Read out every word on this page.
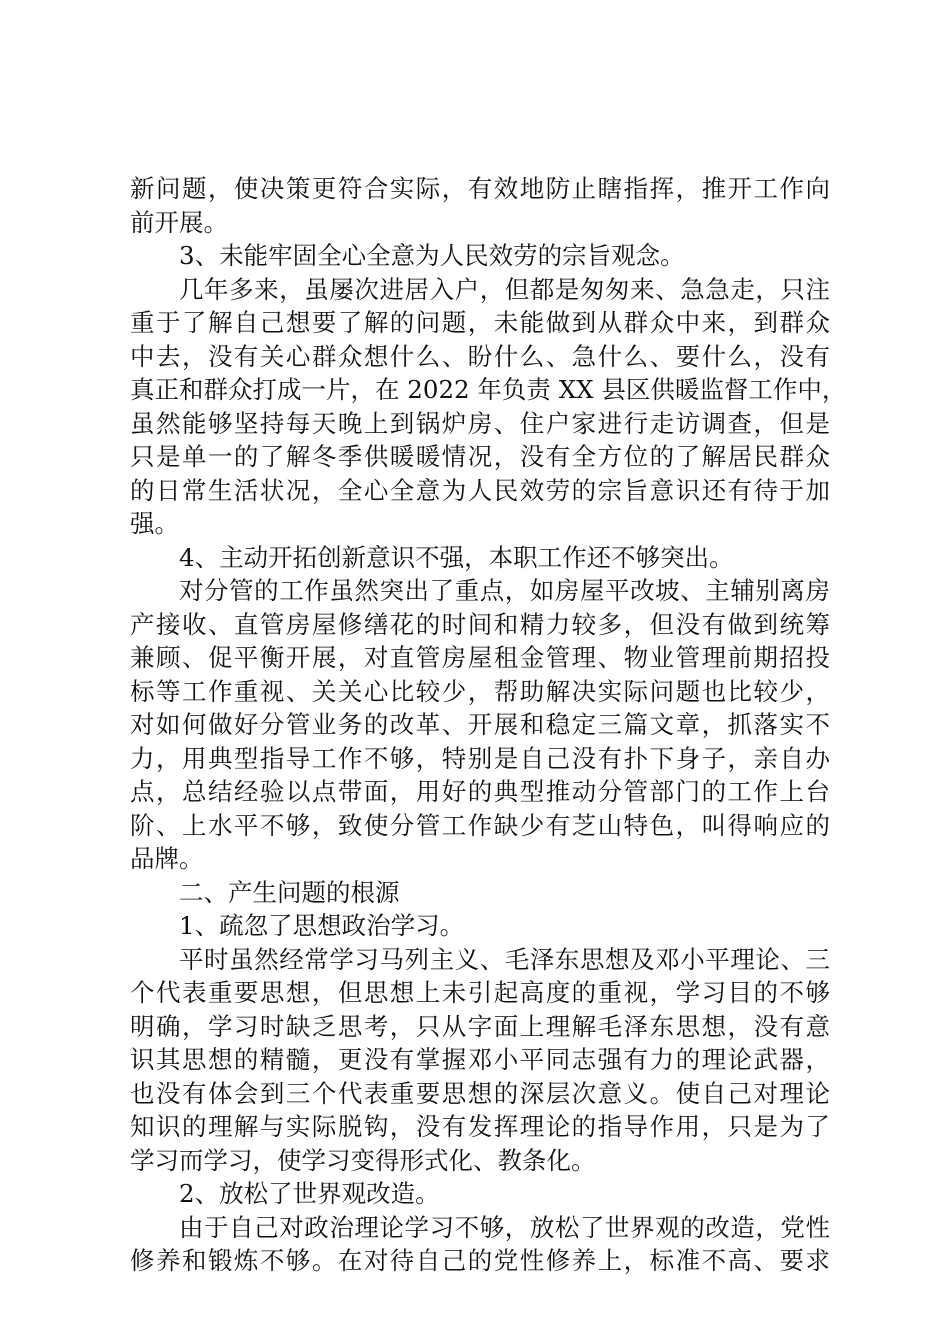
新问题，使决策更符合实际，有效地防止瞎指挥，推开工作向
前开展。
3、未能牢固全心全意为人民效劳的宗旨观念。
几年多来，虽屡次进居入户，但都是匆匆来、急急走，只注
重于了解自己想要了解的问题，未能做到从群众中来，到群众
中去，没有关心群众想什么、盼什么、急什么、要什么，没有
真正和群众打成一片，在 2022 年负责 XX 县区供暖监督工作中，
虽然能够坚持每天晚上到锅炉房、住户家进行走访调查，但是
只是单一的了解冬季供暖暖情况，没有全方位的了解居民群众
的日常生活状况，全心全意为人民效劳的宗旨意识还有待于加
强。
4、主动开拓创新意识不强，本职工作还不够突出。
对分管的工作虽然突出了重点，如房屋平改坡、主辅别离房
产接收、直管房屋修缮花的时间和精力较多，但没有做到统筹
兼顾、促平衡开展，对直管房屋租金管理、物业管理前期招投
标等工作重视、关关心比较少，帮助解决实际问题也比较少，
对如何做好分管业务的改革、开展和稳定三篇文章，抓落实不
力，用典型指导工作不够，特别是自己没有扑下身子，亲自办
点，总结经验以点带面，用好的典型推动分管部门的工作上台
阶、上水平不够，致使分管工作缺少有芝山特色，叫得响应的
品牌。
二、产生问题的根源
1、疏忽了思想政治学习。
平时虽然经常学习马列主义、毛泽东思想及邓小平理论、三
个代表重要思想，但思想上未引起高度的重视，学习目的不够
明确，学习时缺乏思考，只从字面上理解毛泽东思想，没有意
识其思想的精髓，更没有掌握邓小平同志强有力的理论武器，
也没有体会到三个代表重要思想的深层次意义。使自己对理论
知识的理解与实际脱钩，没有发挥理论的指导作用，只是为了
学习而学习，使学习变得形式化、教条化。
2、放松了世界观改造。
由于自己对政治理论学习不够，放松了世界观的改造，党性
修养和锻炼不够。在对待自己的党性修养上，标准不高、要求
